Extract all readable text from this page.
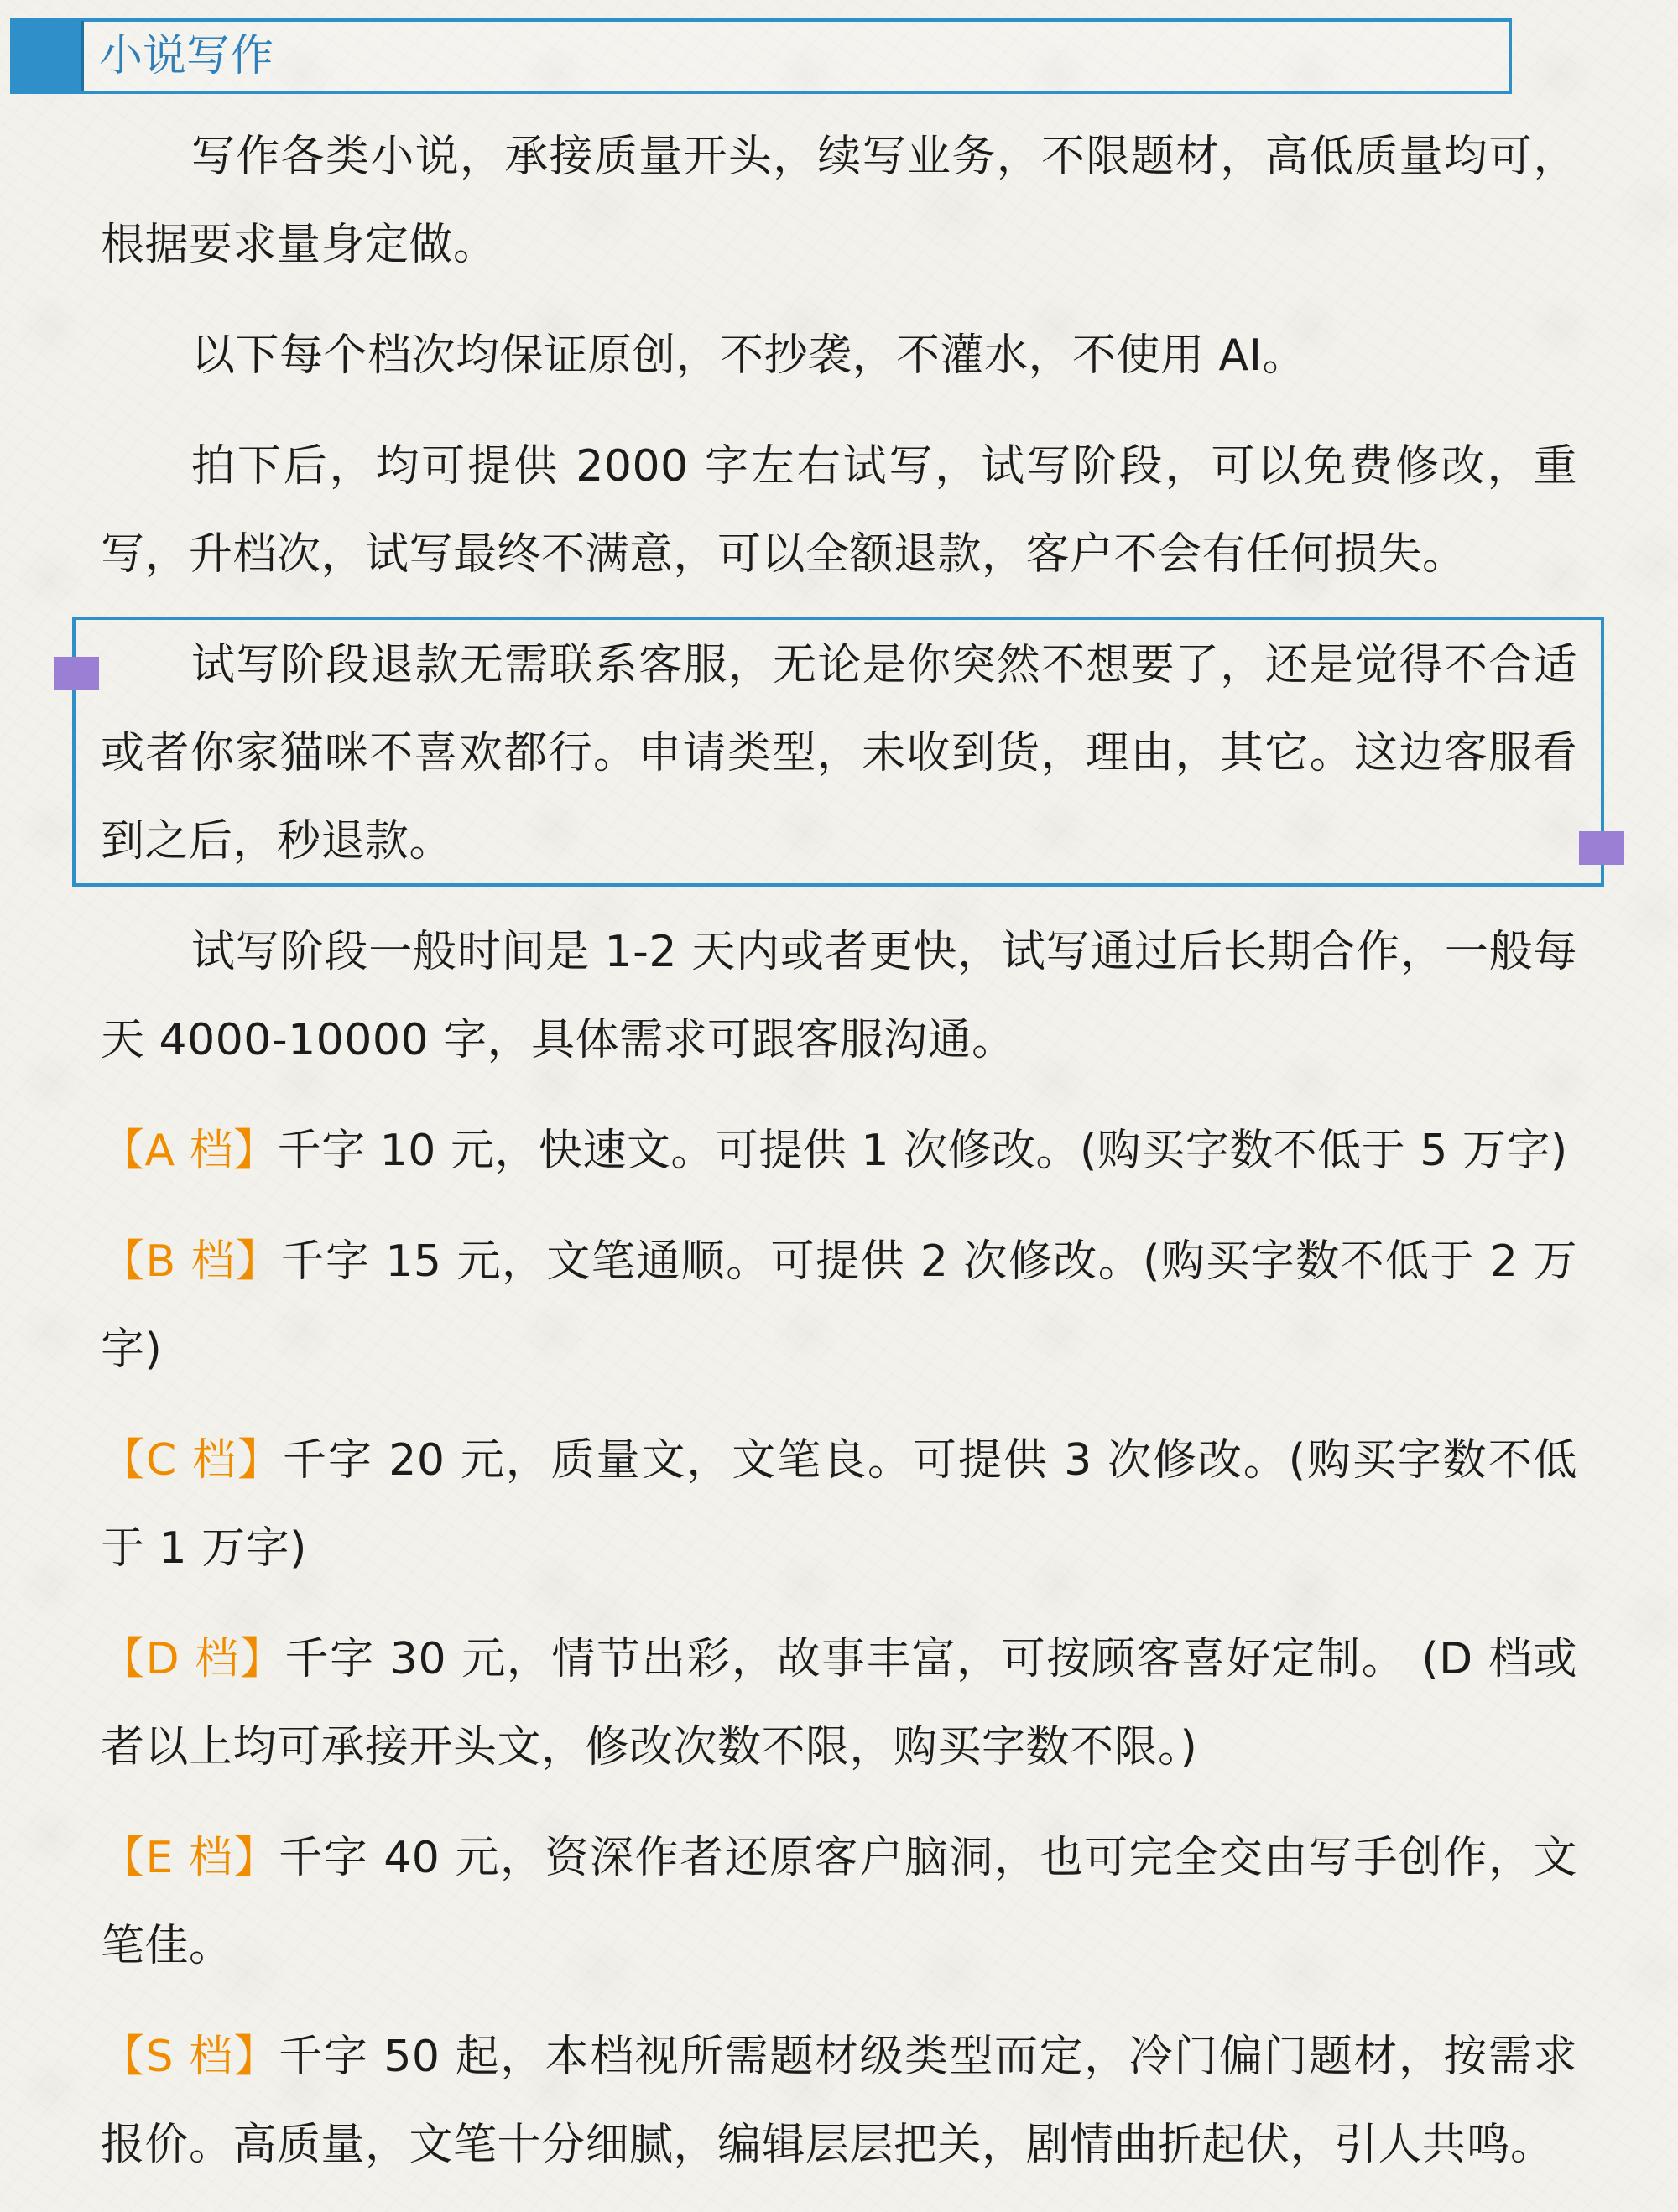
小说写作

写作各类小说，承接质量开头，续写业务，不限题材，高低质量均可，根据要求量身定做。

以下每个档次均保证原创，不抄袭，不灌水，不使用 AI。

拍下后，均可提供 2000 字左右试写，试写阶段，可以免费修改，重写，升档次，试写最终不满意，可以全额退款，客户不会有任何损失。

试写阶段退款无需联系客服，无论是你突然不想要了，还是觉得不合适或者你家猫咪不喜欢都行。申请类型，未收到货，理由，其它。这边客服看到之后，秒退款。

试写阶段一般时间是 1-2 天内或者更快，试写通过后长期合作，一般每天 4000-10000 字，具体需求可跟客服沟通。

【A 档】千字 10 元，快速文。可提供 1 次修改。(购买字数不低于 5 万字)

【B 档】千字 15 元，文笔通顺。可提供 2 次修改。(购买字数不低于 2 万字)

【C 档】千字 20 元，质量文，文笔良。可提供 3 次修改。(购买字数不低于 1 万字)

【D 档】千字 30 元，情节出彩，故事丰富，可按顾客喜好定制。 (D 档或者以上均可承接开头文，修改次数不限，购买字数不限。)

【E 档】千字 40 元，资深作者还原客户脑洞，也可完全交由写手创作，文笔佳。

【S 档】千字 50 起，本档视所需题材级类型而定，冷门偏门题材，按需求报价。高质量，文笔十分细腻，编辑层层把关，剧情曲折起伏，引人共鸣。
